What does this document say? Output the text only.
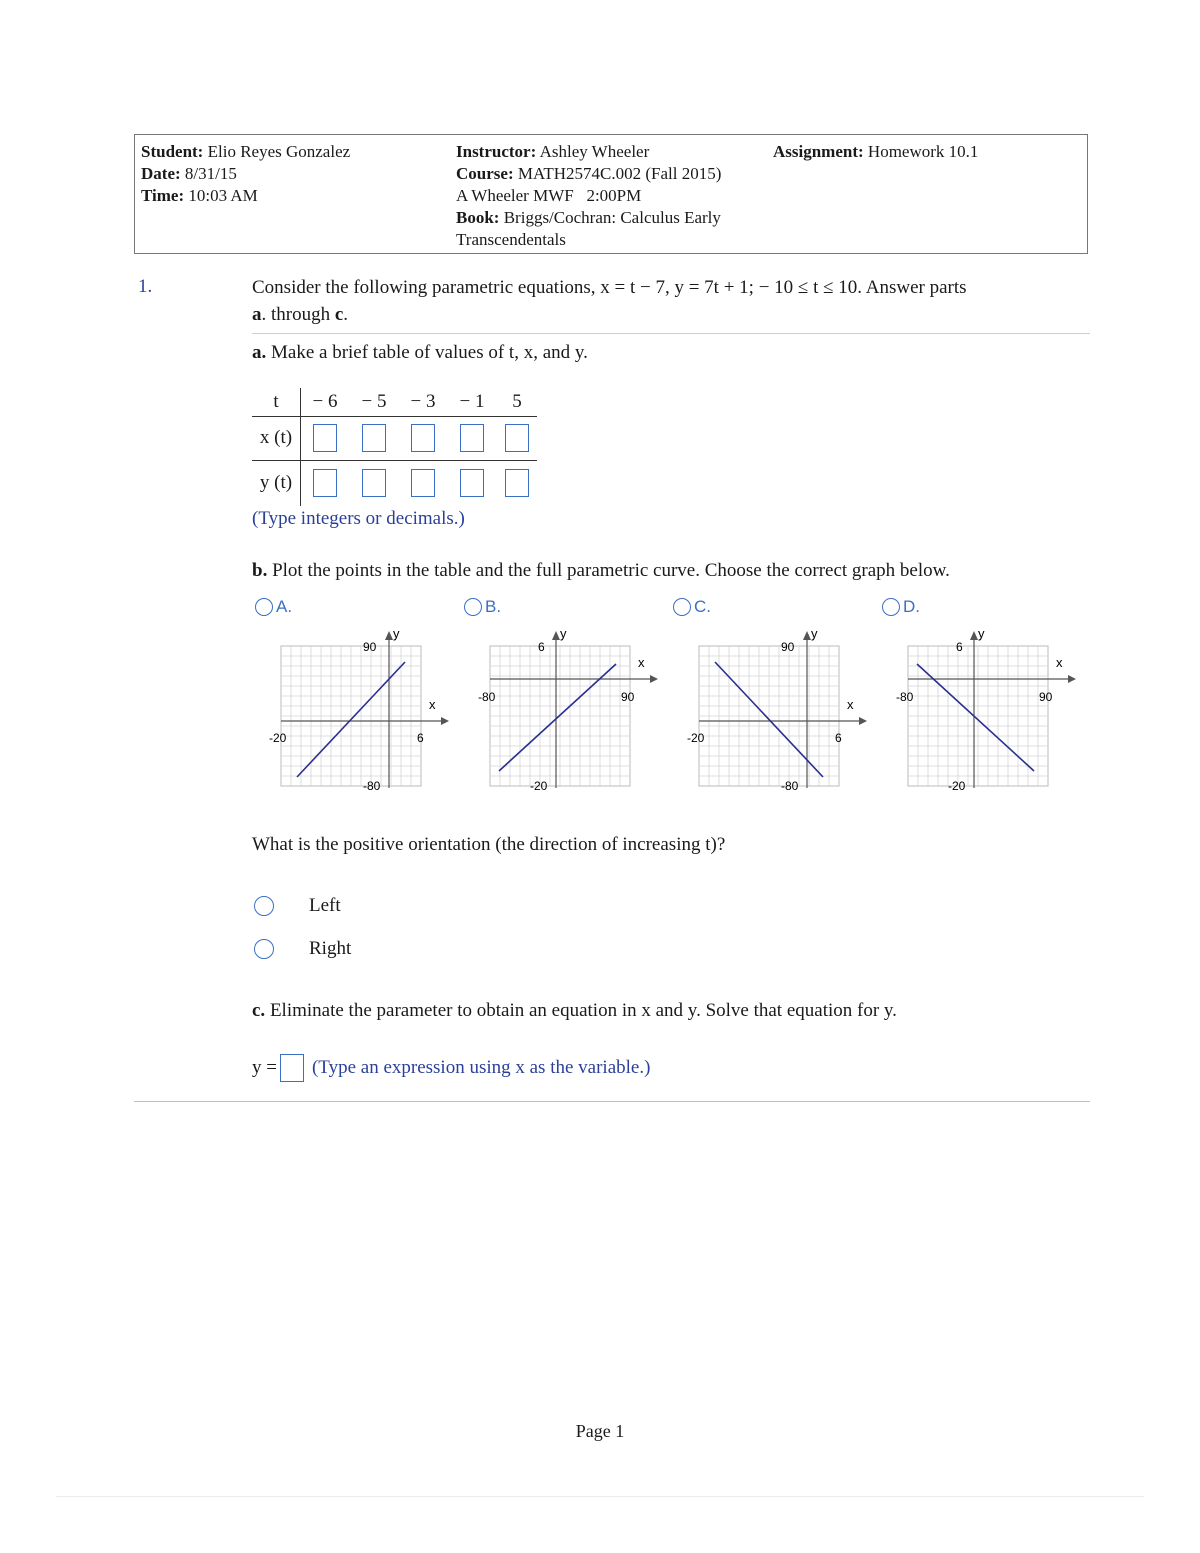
Student: Elio Reyes Gonzalez
Date: 8/31/15
Time: 10:03 AM
Instructor: Ashley Wheeler
Course: MATH2574C.002 (Fall 2015)
A Wheeler MWF   2:00PM
Book: Briggs/Cochran: Calculus Early
Transcendentals
Assignment: Homework 10.1
1.	Consider the following parametric equations, x = t − 7, y = 7t + 1; − 10 ≤ t ≤ 10. Answer parts
a. through c.
a. Make a brief table of values of t, x, and y.
t	− 6	− 5	− 3	− 1	5
x (t)					
y (t)					
(Type integers or decimals.)
b. Plot the points in the table and the full parametric curve. Choose the correct graph below.
A.	B.	C.	D.
y
x
90
-80
-20	6
y
x
6
-20
-80	90
y
x
90
-80
-20	6
y
x
6
-20
-80	90
What is the positive orientation (the direction of increasing t)?
Left
Right
c. Eliminate the parameter to obtain an equation in x and y. Solve that equation for y.
y = (Type an expression using x as the variable.)
Page 1
